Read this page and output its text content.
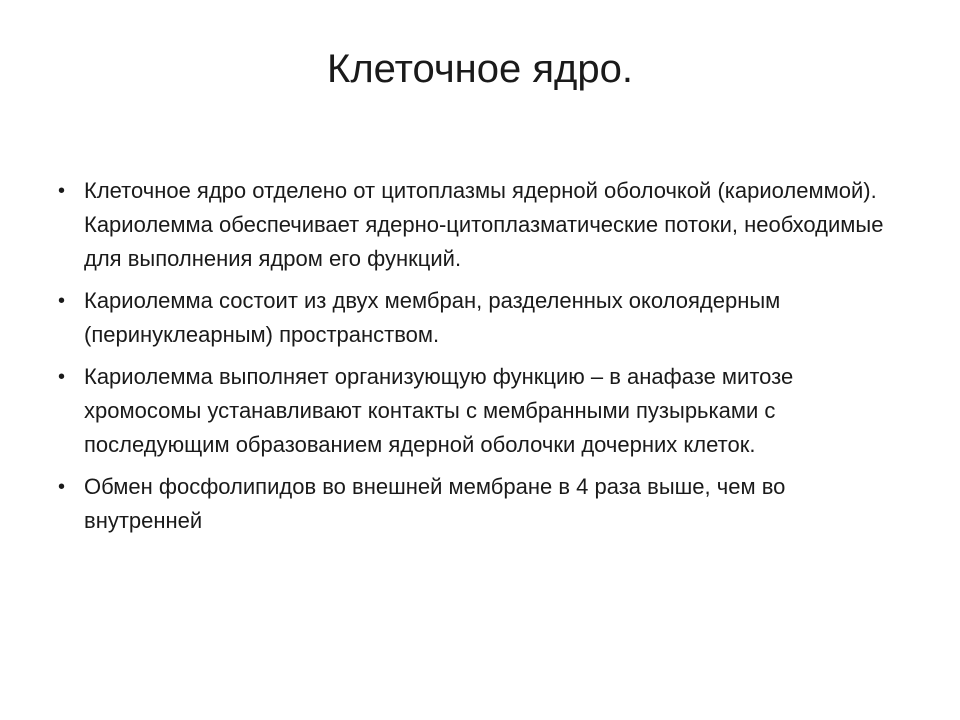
Клеточное ядро.
• Клеточное ядро отделено от цитоплазмы ядерной оболочкой (кариолеммой). Кариолемма обеспечивает ядерно-цитоплазматические потоки, необходимые для выполнения ядром его функций.
• Кариолемма состоит из двух мембран, разделенных околоядерным (перинуклеарным) пространством.
• Кариолемма выполняет организующую функцию – в анафазе митозе хромосомы устанавливают контакты с мембранными пузырьками с последующим образованием ядерной оболочки дочерних клеток.
• Обмен фосфолипидов во внешней мембране в 4 раза выше, чем во внутренней
